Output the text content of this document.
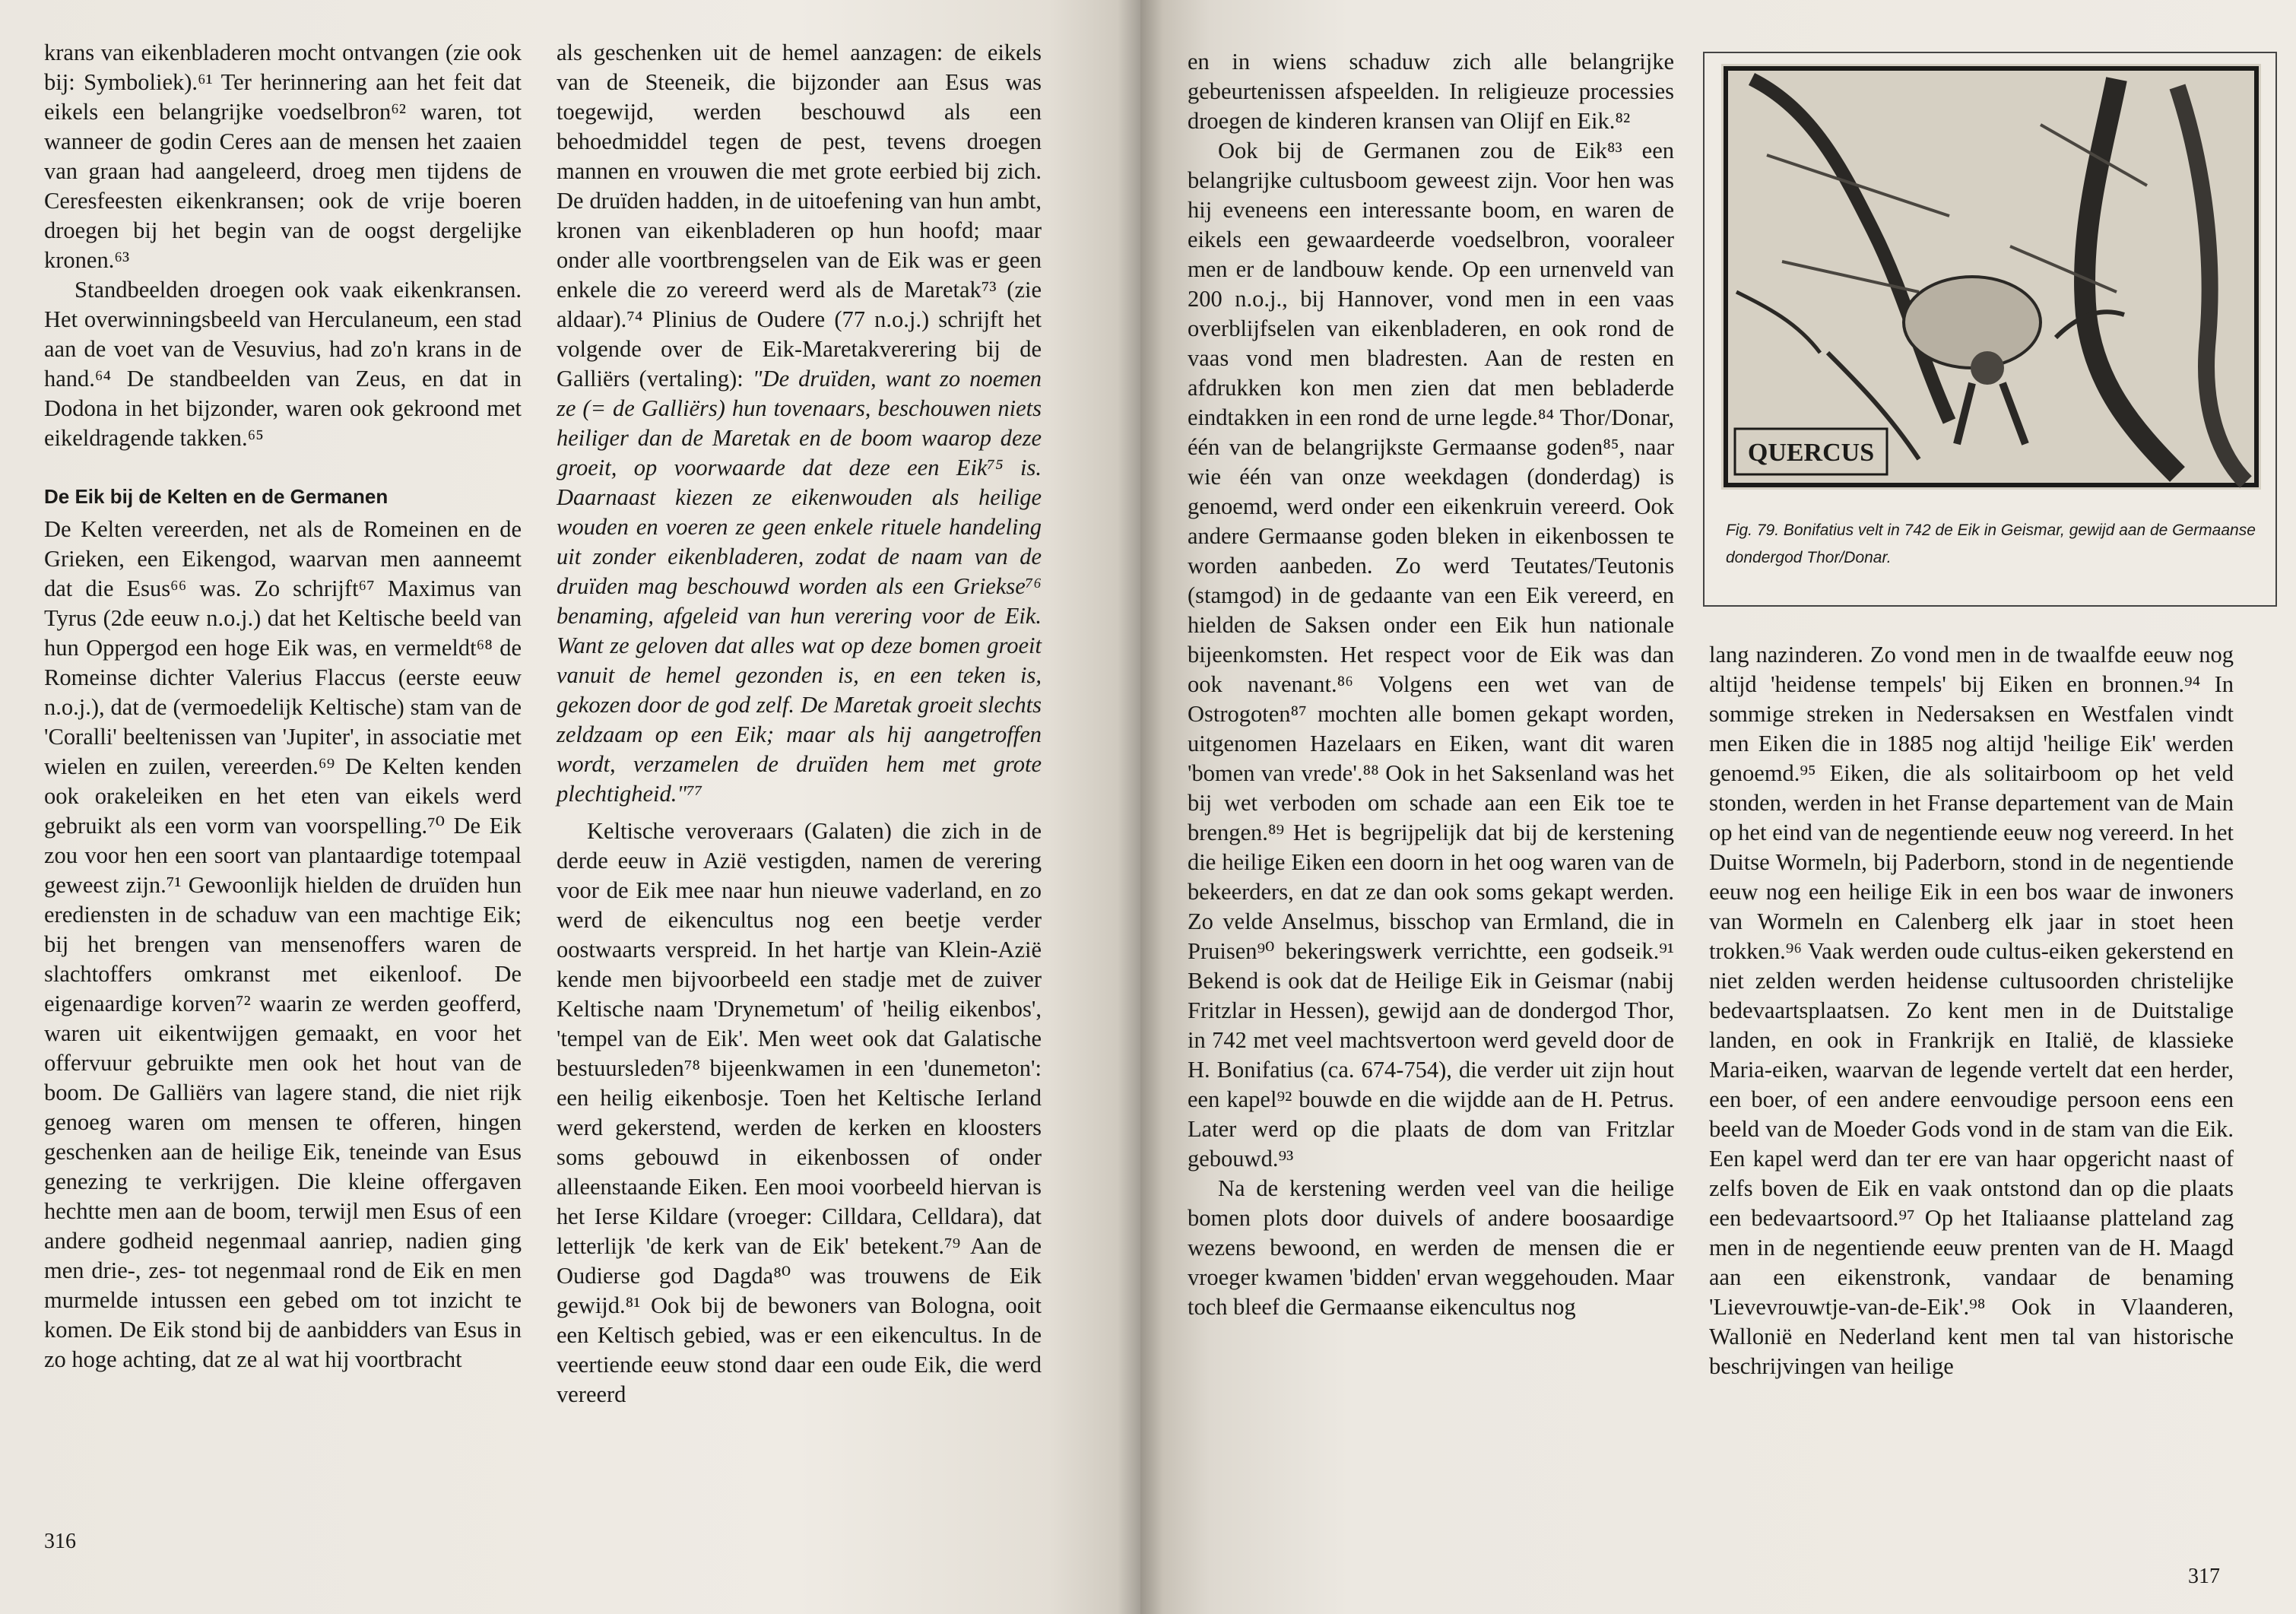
krans van eikenbladeren mocht ontvangen (zie ook bij: Symboliek).⁶¹ Ter herinnering aan het feit dat eikels een belangrijke voedselbron⁶² waren, tot wanneer de godin Ceres aan de mensen het zaaien van graan had aangeleerd, droeg men tijdens de Ceresfeesten eikenkransen; ook de vrije boeren droegen bij het begin van de oogst dergelijke kronen.⁶³

Standbeelden droegen ook vaak eikenkransen. Het overwinningsbeeld van Herculaneum, een stad aan de voet van de Vesuvius, had zo'n krans in de hand.⁶⁴ De standbeelden van Zeus, en dat in Dodona in het bijzonder, waren ook gekroond met eikeldragende takken.⁶⁵

De Eik bij de Kelten en de Germanen

De Kelten vereerden, net als de Romeinen en de Grieken, een Eikengod, waarvan men aanneemt dat die Esus⁶⁶ was. Zo schrijft⁶⁷ Maximus van Tyrus (2de eeuw n.o.j.) dat het Keltische beeld van hun Oppergod een hoge Eik was, en vermeldt⁶⁸ de Romeinse dichter Valerius Flaccus (eerste eeuw n.o.j.), dat de (vermoedelijk Keltische) stam van de 'Coralli' beeltenissen van 'Jupiter', in associatie met wielen en zuilen, vereerden.⁶⁹ De Kelten kenden ook orakeleiken en het eten van eikels werd gebruikt als een vorm van voorspelling.⁷⁰ De Eik zou voor hen een soort van plantaardige totempaal geweest zijn.⁷¹ Gewoonlijk hielden de druïden hun erediensten in de schaduw van een machtige Eik; bij het brengen van mensenoffers waren de slachtoffers omkranst met eikenloof. De eigenaardige korven⁷² waarin ze werden geofferd, waren uit eikentwijgen gemaakt, en voor het offervuur gebruikte men ook het hout van de boom. De Galliërs van lagere stand, die niet rijk genoeg waren om mensen te offeren, hingen geschenken aan de heilige Eik, teneinde van Esus genezing te verkrijgen. Die kleine offergaven hechtte men aan de boom, terwijl men Esus of een andere godheid negenmaal aanriep, nadien ging men drie-, zes- tot negenmaal rond de Eik en men murmelde intussen een gebed om tot inzicht te komen. De Eik stond bij de aanbidders van Esus in zo hoge achting, dat ze al wat hij voortbracht

als geschenken uit de hemel aanzagen: de eikels van de Steeneik, die bijzonder aan Esus was toegewijd, werden beschouwd als een behoedmiddel tegen de pest, tevens droegen mannen en vrouwen die met grote eerbied bij zich. De druïden hadden, in de uitoefening van hun ambt, kronen van eikenbladeren op hun hoofd; maar onder alle voortbrengselen van de Eik was er geen enkele die zo vereerd werd als de Maretak⁷³ (zie aldaar).⁷⁴ Plinius de Oudere (77 n.o.j.) schrijft het volgende over de Eik-Maretakverering bij de Galliërs (vertaling): "De druïden, want zo noemen ze (= de Galliërs) hun tovenaars, beschouwen niets heiliger dan de Maretak en de boom waarop deze groeit, op voorwaarde dat deze een Eik⁷⁵ is. Daarnaast kiezen ze eikenwouden als heilige wouden en voeren ze geen enkele rituele handeling uit zonder eikenbladeren, zodat de naam van de druïden mag beschouwd worden als een Griekse⁷⁶ benaming, afgeleid van hun verering voor de Eik. Want ze geloven dat alles wat op deze bomen groeit vanuit de hemel gezonden is, en een teken is, gekozen door de god zelf. De Maretak groeit slechts zeldzaam op een Eik; maar als hij aangetroffen wordt, verzamelen de druïden hem met grote plechtigheid."⁷⁷

Keltische veroveraars (Galaten) die zich in de derde eeuw in Azië vestigden, namen de verering voor de Eik mee naar hun nieuwe vaderland, en zo werd de eikencultus nog een beetje verder oostwaarts verspreid. In het hartje van Klein-Azië kende men bijvoorbeeld een stadje met de zuiver Keltische naam 'Drynemetum' of 'heilig eikenbos', 'tempel van de Eik'. Men weet ook dat Galatische bestuursleden⁷⁸ bijeenkwamen in een 'dunemeton': een heilig eikenbosje. Toen het Keltische Ierland werd gekerstend, werden de kerken en kloosters soms gebouwd in eikenbossen of onder alleenstaande Eiken. Een mooi voorbeeld hiervan is het Ierse Kildare (vroeger: Cilldara, Celldara), dat letterlijk 'de kerk van de Eik' betekent.⁷⁹ Aan de Oudierse god Dagda⁸⁰ was trouwens de Eik gewijd.⁸¹ Ook bij de bewoners van Bologna, ooit een Keltisch gebied, was er een eikencultus. In de veertiende eeuw stond daar een oude Eik, die werd vereerd

316

en in wiens schaduw zich alle belangrijke gebeurtenissen afspeelden. In religieuze processies droegen de kinderen kransen van Olijf en Eik.⁸²

Ook bij de Germanen zou de Eik⁸³ een belangrijke cultusboom geweest zijn. Voor hen was hij eveneens een interessante boom, en waren de eikels een gewaardeerde voedselbron, vooraleer men er de landbouw kende. Op een urnenveld van 200 n.o.j., bij Hannover, vond men in een vaas overblijfselen van eikenbladeren, en ook rond de vaas vond men bladresten. Aan de resten en afdrukken kon men zien dat men bebladerde eindtakken in een rond de urne legde.⁸⁴ Thor/Donar, één van de belangrijkste Germaanse goden⁸⁵, naar wie één van onze weekdagen (donderdag) is genoemd, werd onder een eikenkruin vereerd. Ook andere Germaanse goden bleken in eikenbossen te worden aanbeden. Zo werd Teutates/Teutonis (stamgod) in de gedaante van een Eik vereerd, en hielden de Saksen onder een Eik hun nationale bijeenkomsten. Het respect voor de Eik was dan ook navenant.⁸⁶ Volgens een wet van de Ostrogoten⁸⁷ mochten alle bomen gekapt worden, uitgenomen Hazelaars en Eiken, want dit waren 'bomen van vrede'.⁸⁸ Ook in het Saksenland was het bij wet verboden om schade aan een Eik toe te brengen.⁸⁹ Het is begrijpelijk dat bij de kerstening die heilige Eiken een doorn in het oog waren van de bekeerders, en dat ze dan ook soms gekapt werden. Zo velde Anselmus, bisschop van Ermland, die in Pruisen⁹⁰ bekeringswerk verrichtte, een godseik.⁹¹ Bekend is ook dat de Heilige Eik in Geismar (nabij Fritzlar in Hessen), gewijd aan de dondergod Thor, in 742 met veel machtsvertoon werd geveld door de H. Bonifatius (ca. 674-754), die verder uit zijn hout een kapel⁹² bouwde en die wijdde aan de H. Petrus. Later werd op die plaats de dom van Fritzlar gebouwd.⁹³

Na de kerstening werden veel van die heilige bomen plots door duivels of andere boosaardige wezens bewoond, en werden de mensen die er vroeger kwamen 'bidden' ervan weggehouden. Maar toch bleef die Germaanse eikencultus nog

lang nazinderen. Zo vond men in de twaalfde eeuw nog altijd 'heidense tempels' bij Eiken en bronnen.⁹⁴ In sommige streken in Nedersaksen en Westfalen vindt men Eiken die in 1885 nog altijd 'heilige Eik' werden genoemd.⁹⁵ Eiken, die als solitairboom op het veld stonden, werden in het Franse departement van de Main op het eind van de negentiende eeuw nog vereerd. In het Duitse Wormeln, bij Paderborn, stond in de negentiende eeuw nog een heilige Eik in een bos waar de inwoners van Wormeln en Calenberg elk jaar in stoet heen trokken.⁹⁶ Vaak werden oude cultus-eiken gekerstend en niet zelden werden heidense cultusoorden christelijke bedevaartsplaatsen. Zo kent men in de Duitstalige landen, en ook in Frankrijk en Italië, de klassieke Maria-eiken, waarvan de legende vertelt dat een herder, een boer, of een andere eenvoudige persoon eens een beeld van de Moeder Gods vond in de stam van die Eik. Een kapel werd dan ter ere van haar opgericht naast of zelfs boven de Eik en vaak ontstond dan op die plaats een bedevaartsoord.⁹⁷ Op het Italiaanse platteland zag men in de negentiende eeuw prenten van de H. Maagd aan een eikenstronk, vandaar de benaming 'Lievevrouwtje-van-de-Eik'.⁹⁸ Ook in Vlaanderen, Wallonië en Nederland kent men tal van historische beschrijvingen van heilige

317
QUERCUS
Fig. 79. Bonifatius velt in 742 de Eik in Geismar, gewijd aan de Germaanse dondergod Thor/Donar.
